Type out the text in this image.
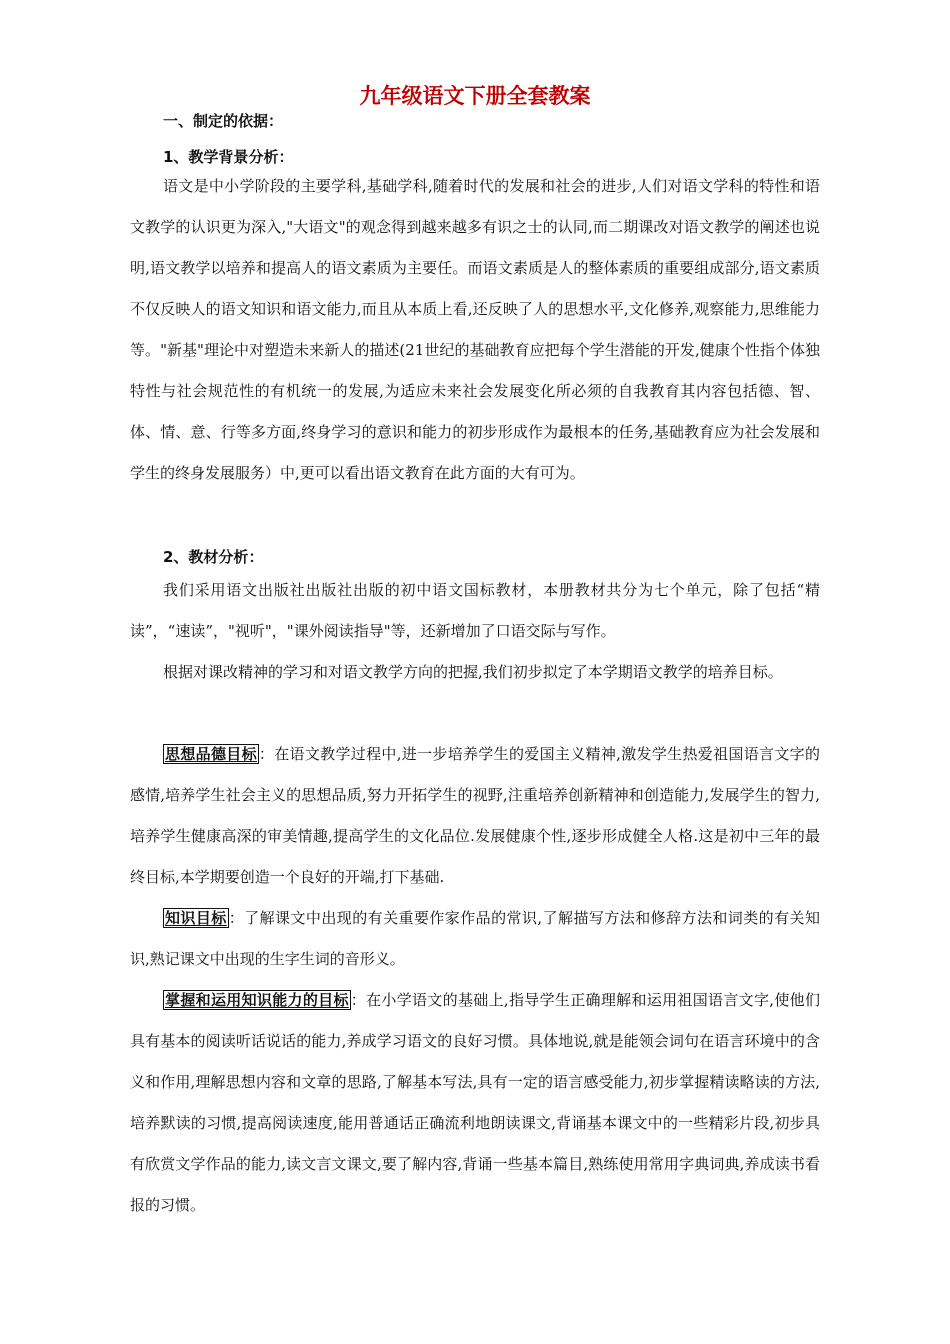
九年级语文下册全套教案
一、制定的依据：
1、教学背景分析：

语文是中小学阶段的主要学科,基础学科,随着时代的发展和社会的进步,人们对语文学科的特性和语文教学的认识更为深入,"大语文"的观念得到越来越多有识之士的认同,而二期课改对语文教学的阐述也说明,语文教学以培养和提高人的语文素质为主要任。而语文素质是人的整体素质的重要组成部分,语文素质不仅反映人的语文知识和语文能力,而且从本质上看,还反映了人的思想水平,文化修养,观察能力,思维能力等。"新基"理论中对塑造未来新人的描述(21世纪的基础教育应把每个学生潜能的开发,健康个性指个体独特性与社会规范性的有机统一的发展,为适应未来社会发展变化所必须的自我教育其内容包括德、智、体、情、意、行等多方面,终身学习的意识和能力的初步形成作为最根本的任务,基础教育应为社会发展和学生的终身发展服务）中,更可以看出语文教育在此方面的大有可为。

2、教材分析：

我们采用语文出版社出版社出版的初中语文国标教材，本册教材共分为七个单元，除了包括“精读”，“速读”，"视听"，"课外阅读指导"等，还新增加了口语交际与写作。

根据对课改精神的学习和对语文教学方向的把握,我们初步拟定了本学期语文教学的培养目标。

思想品德目标 ：在语文教学过程中,进一步培养学生的爱国主义精神,激发学生热爱祖国语言文字的感情,培养学生社会主义的思想品质,努力开拓学生的视野,注重培养创新精神和创造能力,发展学生的智力,培养学生健康高深的审美情趣,提高学生的文化品位.发展健康个性,逐步形成健全人格.这是初中三年的最终目标,本学期要创造一个良好的开端,打下基础.

知识目标 ：了解课文中出现的有关重要作家作品的常识,了解描写方法和修辞方法和词类的有关知识,熟记课文中出现的生字生词的音形义。

掌握和运用知识能力的目标 ：在小学语文的基础上,指导学生正确理解和运用祖国语言文字,使他们具有基本的阅读听话说话的能力,养成学习语文的良好习惯。具体地说,就是能领会词句在语言环境中的含义和作用,理解思想内容和文章的思路,了解基本写法,具有一定的语言感受能力,初步掌握精读略读的方法,培养默读的习惯,提高阅读速度,能用普通话正确流利地朗读课文,背诵基本课文中的一些精彩片段,初步具有欣赏文学作品的能力,读文言文课文,要了解内容,背诵一些基本篇目,熟练使用常用字典词典,养成读书看报的习惯。
